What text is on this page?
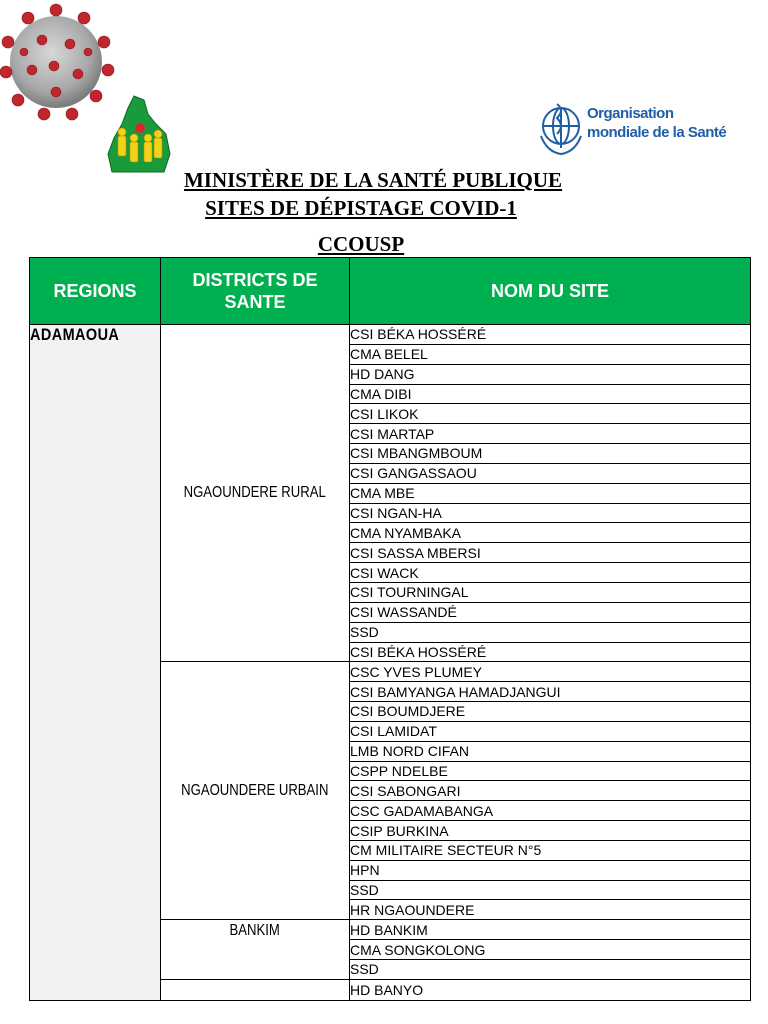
Organisation
mondiale de la Santé
MINISTÈRE DE LA SANTÉ PUBLIQUE
SITES DE DÉPISTAGE COVID-1
CCOUSP
REGIONS	DISTRICTS DE SANTE	NOM DU SITE
ADAMAOUA	NGAOUNDERE RURAL	CSI BÉKA HOSSÉRÉ
		CMA BELEL
		HD DANG
		CMA DIBI
		CSI LIKOK
		CSI MARTAP
		CSI MBANGMBOUM
		CSI GANGASSAOU
		CMA MBE
		CSI NGAN-HA
		CMA NYAMBAKA
		CSI SASSA MBERSI
		CSI WACK
		CSI TOURNINGAL
		CSI WASSANDÉ
		SSD
		CSI BÉKA HOSSÉRÉ
	NGAOUNDERE URBAIN	CSC YVES PLUMEY
		CSI BAMYANGA HAMADJANGUI
		CSI BOUMDJERE
		CSI LAMIDAT
		LMB NORD CIFAN
		CSPP NDELBE
		CSI SABONGARI
		CSC GADAMABANGA
		CSIP BURKINA
		CM MILITAIRE SECTEUR N°5
		HPN
		SSD
		HR NGAOUNDERE
	BANKIM	HD BANKIM
		CMA SONGKOLONG
		SSD
		HD BANYO
